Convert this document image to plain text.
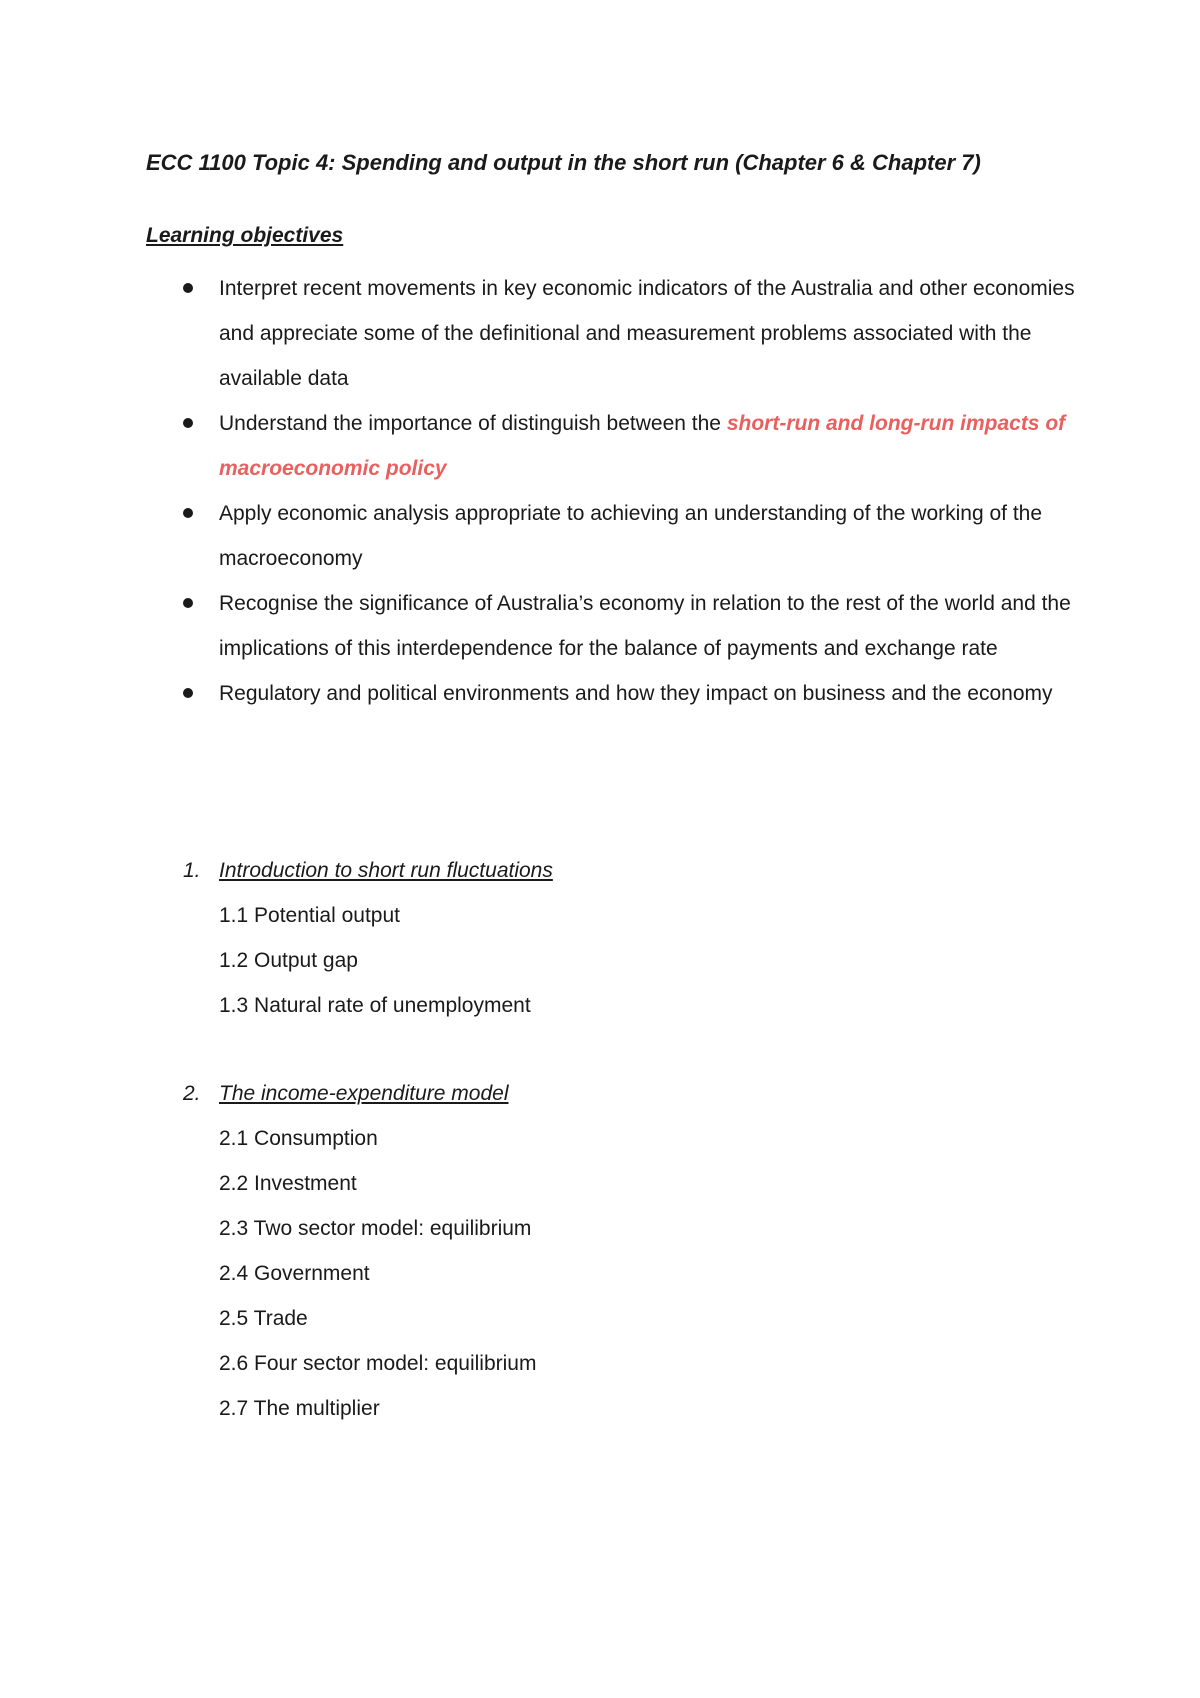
ECC 1100 Topic 4: Spending and output in the short run (Chapter 6 & Chapter 7)
Learning objectives
Interpret recent movements in key economic indicators of the Australia and other economies and appreciate some of the definitional and measurement problems associated with the available data
Understand the importance of distinguish between the short-run and long-run impacts of macroeconomic policy
Apply economic analysis appropriate to achieving an understanding of the working of the macroeconomy
Recognise the significance of Australia’s economy in relation to the rest of the world and the implications of this interdependence for the balance of payments and exchange rate
Regulatory and political environments and how they impact on business and the economy
1. Introduction to short run fluctuations
1.1 Potential output
1.2 Output gap
1.3 Natural rate of unemployment
2. The income-expenditure model
2.1 Consumption
2.2 Investment
2.3 Two sector model: equilibrium
2.4 Government
2.5 Trade
2.6 Four sector model: equilibrium
2.7 The multiplier
